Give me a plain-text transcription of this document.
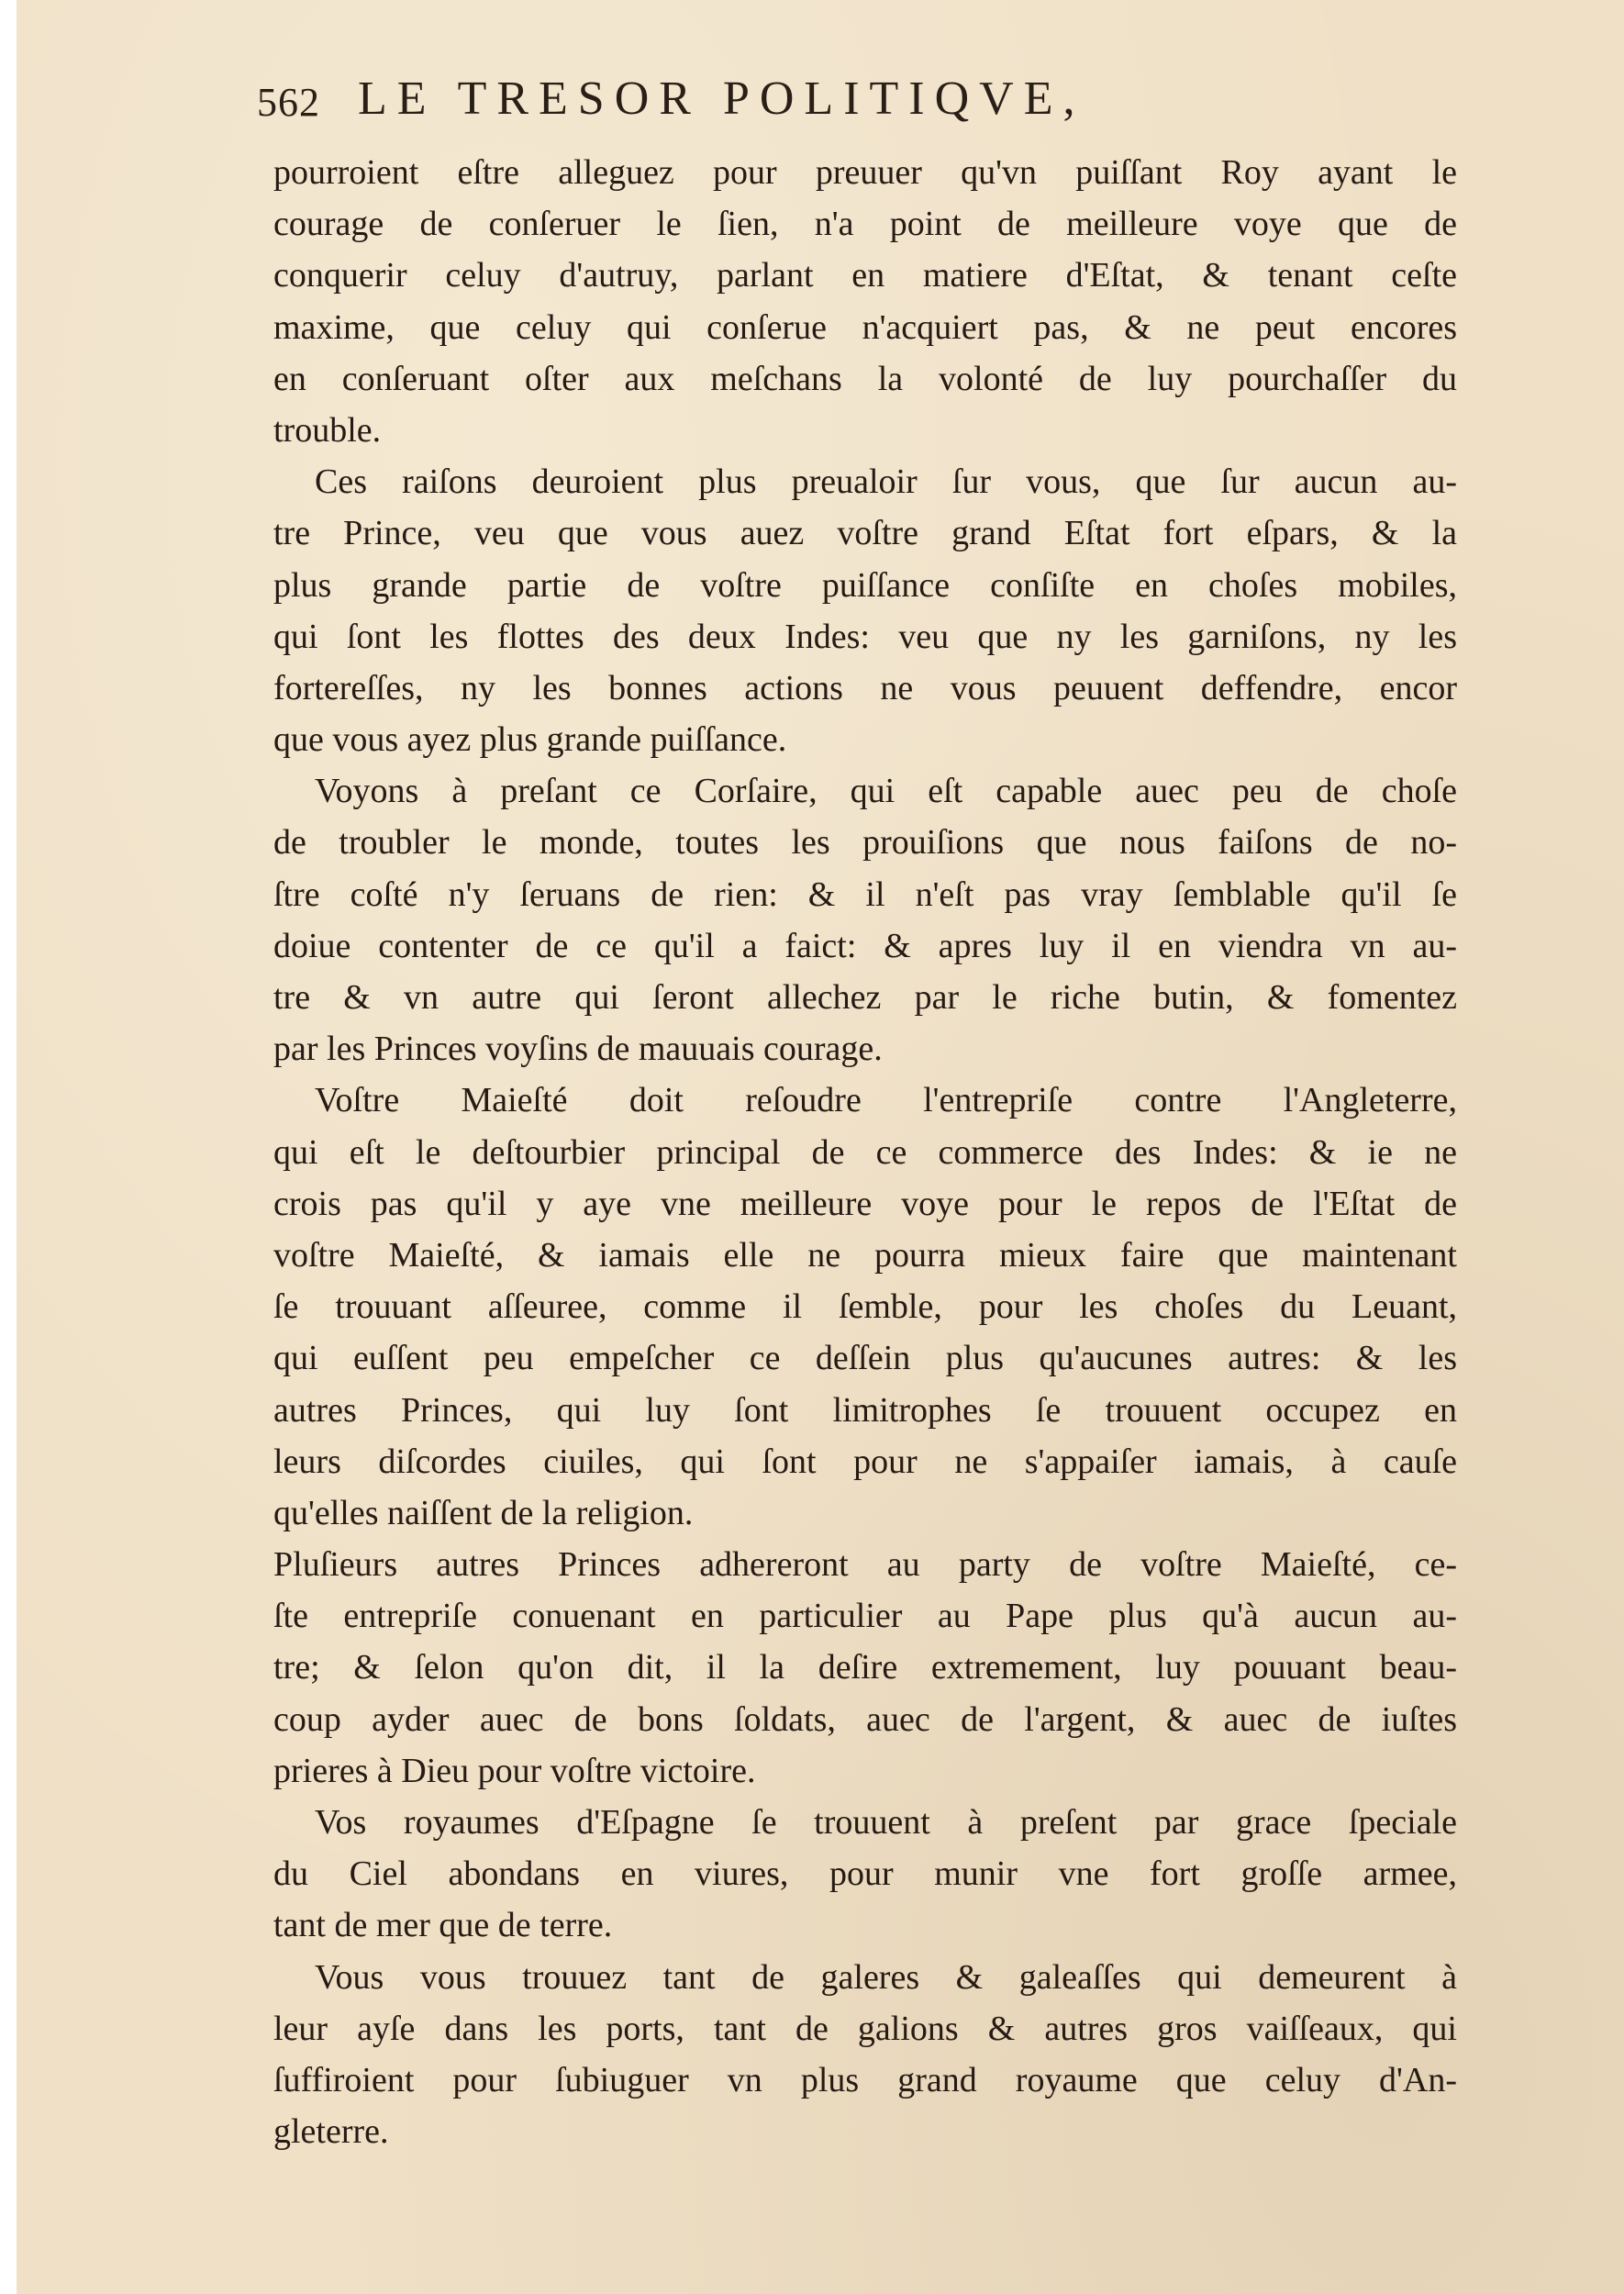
562 LE TRESOR POLITIQVE,
pourroient eſtre alleguez pour preuuer qu'vn puiſſant Roy ayant le
courage de conſeruer le ſien, n'a point de meilleure voye que de
conquerir celuy d'autruy, parlant en matiere d'Eſtat, & tenant ceſte
maxime, que celuy qui conſerue n'acquiert pas, & ne peut encores
en conſeruant oſter aux meſchans la volonté de luy pourchaſſer du
trouble.
Ces raiſons deuroient plus preualoir ſur vous, que ſur aucun au-
tre Prince, veu que vous auez voſtre grand Eſtat fort eſpars, & la
plus grande partie de voſtre puiſſance conſiſte en choſes mobiles,
qui ſont les flottes des deux Indes: veu que ny les garniſons, ny les
fortereſſes, ny les bonnes actions ne vous peuuent deffendre, encor
que vous ayez plus grande puiſſance.
Voyons à preſant ce Corſaire, qui eſt capable auec peu de choſe
de troubler le monde, toutes les prouiſions que nous faiſons de no-
ſtre coſté n'y ſeruans de rien: & il n'eſt pas vray ſemblable qu'il ſe
doiue contenter de ce qu'il a faict: & apres luy il en viendra vn au-
tre & vn autre qui ſeront allechez par le riche butin, & fomentez
par les Princes voyſins de mauuais courage.
Voſtre Maieſté doit reſoudre l'entrepriſe contre l'Angleterre,
qui eſt le deſtourbier principal de ce commerce des Indes: & ie ne
crois pas qu'il y aye vne meilleure voye pour le repos de l'Eſtat de
voſtre Maieſté, & iamais elle ne pourra mieux faire que maintenant
ſe trouuant aſſeuree, comme il ſemble, pour les choſes du Leuant,
qui euſſent peu empeſcher ce deſſein plus qu'aucunes autres: & les
autres Princes, qui luy ſont limitrophes ſe trouuent occupez en
leurs diſcordes ciuiles, qui ſont pour ne s'appaiſer iamais, à cauſe
qu'elles naiſſent de la religion.
Pluſieurs autres Princes adhereront au party de voſtre Maieſté, ce-
ſte entrepriſe conuenant en particulier au Pape plus qu'à aucun au-
tre; & ſelon qu'on dit, il la deſire extremement, luy pouuant beau-
coup ayder auec de bons ſoldats, auec de l'argent, & auec de iuſtes
prieres à Dieu pour voſtre victoire.
Vos royaumes d'Eſpagne ſe trouuent à preſent par grace ſpeciale
du Ciel abondans en viures, pour munir vne fort groſſe armee,
tant de mer que de terre.
Vous vous trouuez tant de galeres & galeaſſes qui demeurent à
leur ayſe dans les ports, tant de galions & autres gros vaiſſeaux, qui
ſuffiroient pour ſubiuguer vn plus grand royaume que celuy d'An-
gleterre.
